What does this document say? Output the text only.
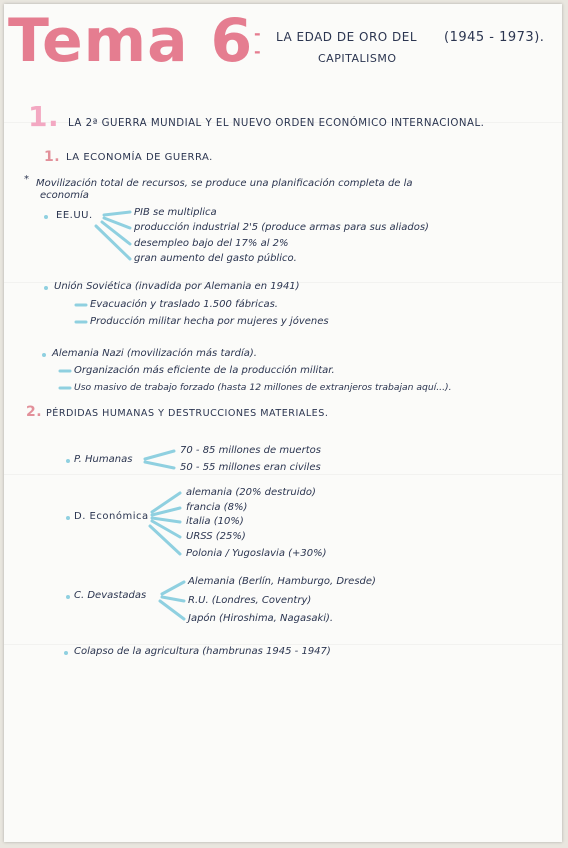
Tema 6 -
-
LA EDAD DE ORO DEL
CAPITALISMO
(1945 - 1973).
1. LA 2ª GUERRA MUNDIAL Y EL NUEVO ORDEN ECONÓMICO INTERNACIONAL.
1. LA ECONOMÍA DE GUERRA.
* Movilización total de recursos, se produce una planificación completa de la
economía
EE.UU.	PIB se multiplica
producción industrial 2'5 (produce armas para sus aliados)
desempleo bajo del 17% al 2%
gran aumento del gasto público.
Unión Soviética (invadida por Alemania en 1941)
Evacuación y traslado 1.500 fábricas.
Producción militar hecha por mujeres y jóvenes
Alemania Nazi (movilización más tardía).
Organización más eficiente de la producción militar.
Uso masivo de trabajo forzado (hasta 12 millones de extranjeros trabajan aquí...).
2. PÉRDIDAS HUMANAS Y DESTRUCCIONES MATERIALES.
P. Humanas
70 - 85 millones de muertos
50 - 55 millones eran civiles
D. Económica
alemania (20% destruido)
francia (8%)
italia (10%)
URSS (25%)
Polonia / Yugoslavia (+30%)
C. Devastadas
Alemania (Berlín, Hamburgo, Dresde)
R.U. (Londres, Coventry)
Japón (Hiroshima, Nagasaki).
Colapso de la agricultura (hambrunas 1945 - 1947)
